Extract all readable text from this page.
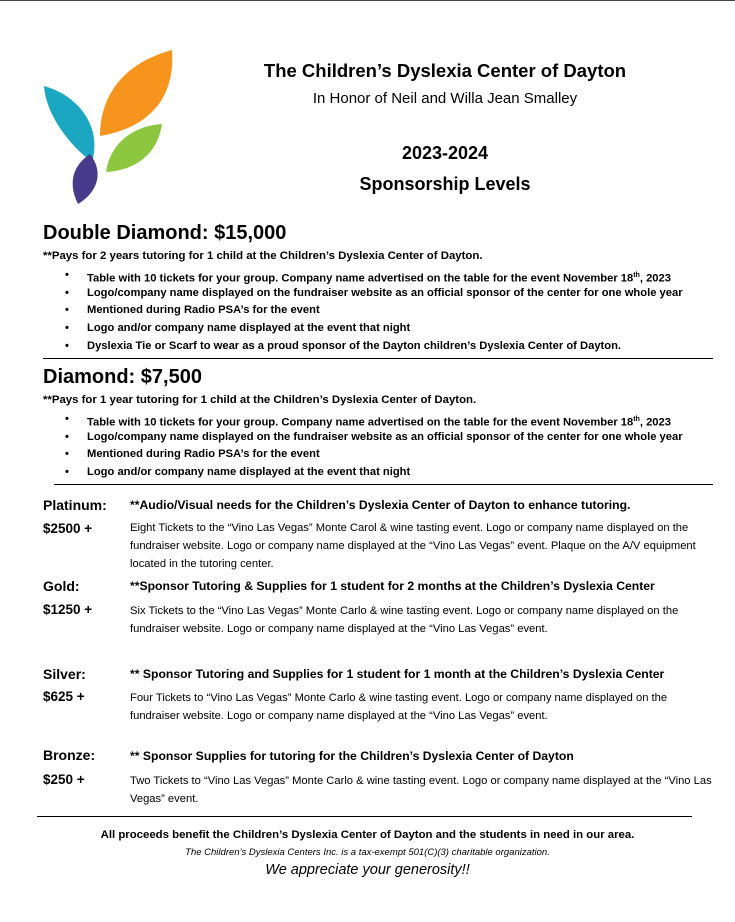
The Children’s Dyslexia Center of Dayton
In Honor of Neil and Willa Jean Smalley
2023-2024
Sponsorship Levels
Double Diamond: $15,000
**Pays for 2 years tutoring for 1 child at the Children’s Dyslexia Center of Dayton.
• Table with 10 tickets for your group. Company name advertised on the table for the event November 18th, 2023
• Logo/company name displayed on the fundraiser website as an official sponsor of the center for one whole year
• Mentioned during Radio PSA’s for the event
• Logo and/or company name displayed at the event that night
• Dyslexia Tie or Scarf to wear as a proud sponsor of the Dayton children’s Dyslexia Center of Dayton.
Diamond: $7,500
**Pays for 1 year tutoring for 1 child at the Children’s Dyslexia Center of Dayton.
• Table with 10 tickets for your group. Company name advertised on the table for the event November 18th, 2023
• Logo/company name displayed on the fundraiser website as an official sponsor of the center for one whole year
• Mentioned during Radio PSA’s for the event
• Logo and/or company name displayed at the event that night
Platinum: **Audio/Visual needs for the Children’s Dyslexia Center of Dayton to enhance tutoring.
$2500 +	Eight Tickets to the “Vino Las Vegas” Monte Carol & wine tasting event. Logo or company name displayed on the fundraiser website. Logo or company name displayed at the “Vino Las Vegas” event. Plaque on the A/V equipment located in the tutoring center.
Gold:	**Sponsor Tutoring & Supplies for 1 student for 2 months at the Children’s Dyslexia Center
$1250 +	Six Tickets to the “Vino Las Vegas” Monte Carlo & wine tasting event. Logo or company name displayed on the fundraiser website. Logo or company name displayed at the “Vino Las Vegas” event.
Silver:	** Sponsor Tutoring and Supplies for 1 student for 1 month at the Children’s Dyslexia Center
$625 +	Four Tickets to “Vino Las Vegas” Monte Carlo & wine tasting event. Logo or company name displayed on the fundraiser website. Logo or company name displayed at the “Vino Las Vegas” event.
Bronze:	** Sponsor Supplies for tutoring for the Children’s Dyslexia Center of Dayton
$250 +	Two Tickets to “Vino Las Vegas” Monte Carlo & wine tasting event. Logo or company name displayed at the “Vino Las Vegas” event.
All proceeds benefit the Children’s Dyslexia Center of Dayton and the students in need in our area.
The Children’s Dyslexia Centers Inc. is a tax-exempt 501(C)(3) charitable organization.
We appreciate your generosity!!
